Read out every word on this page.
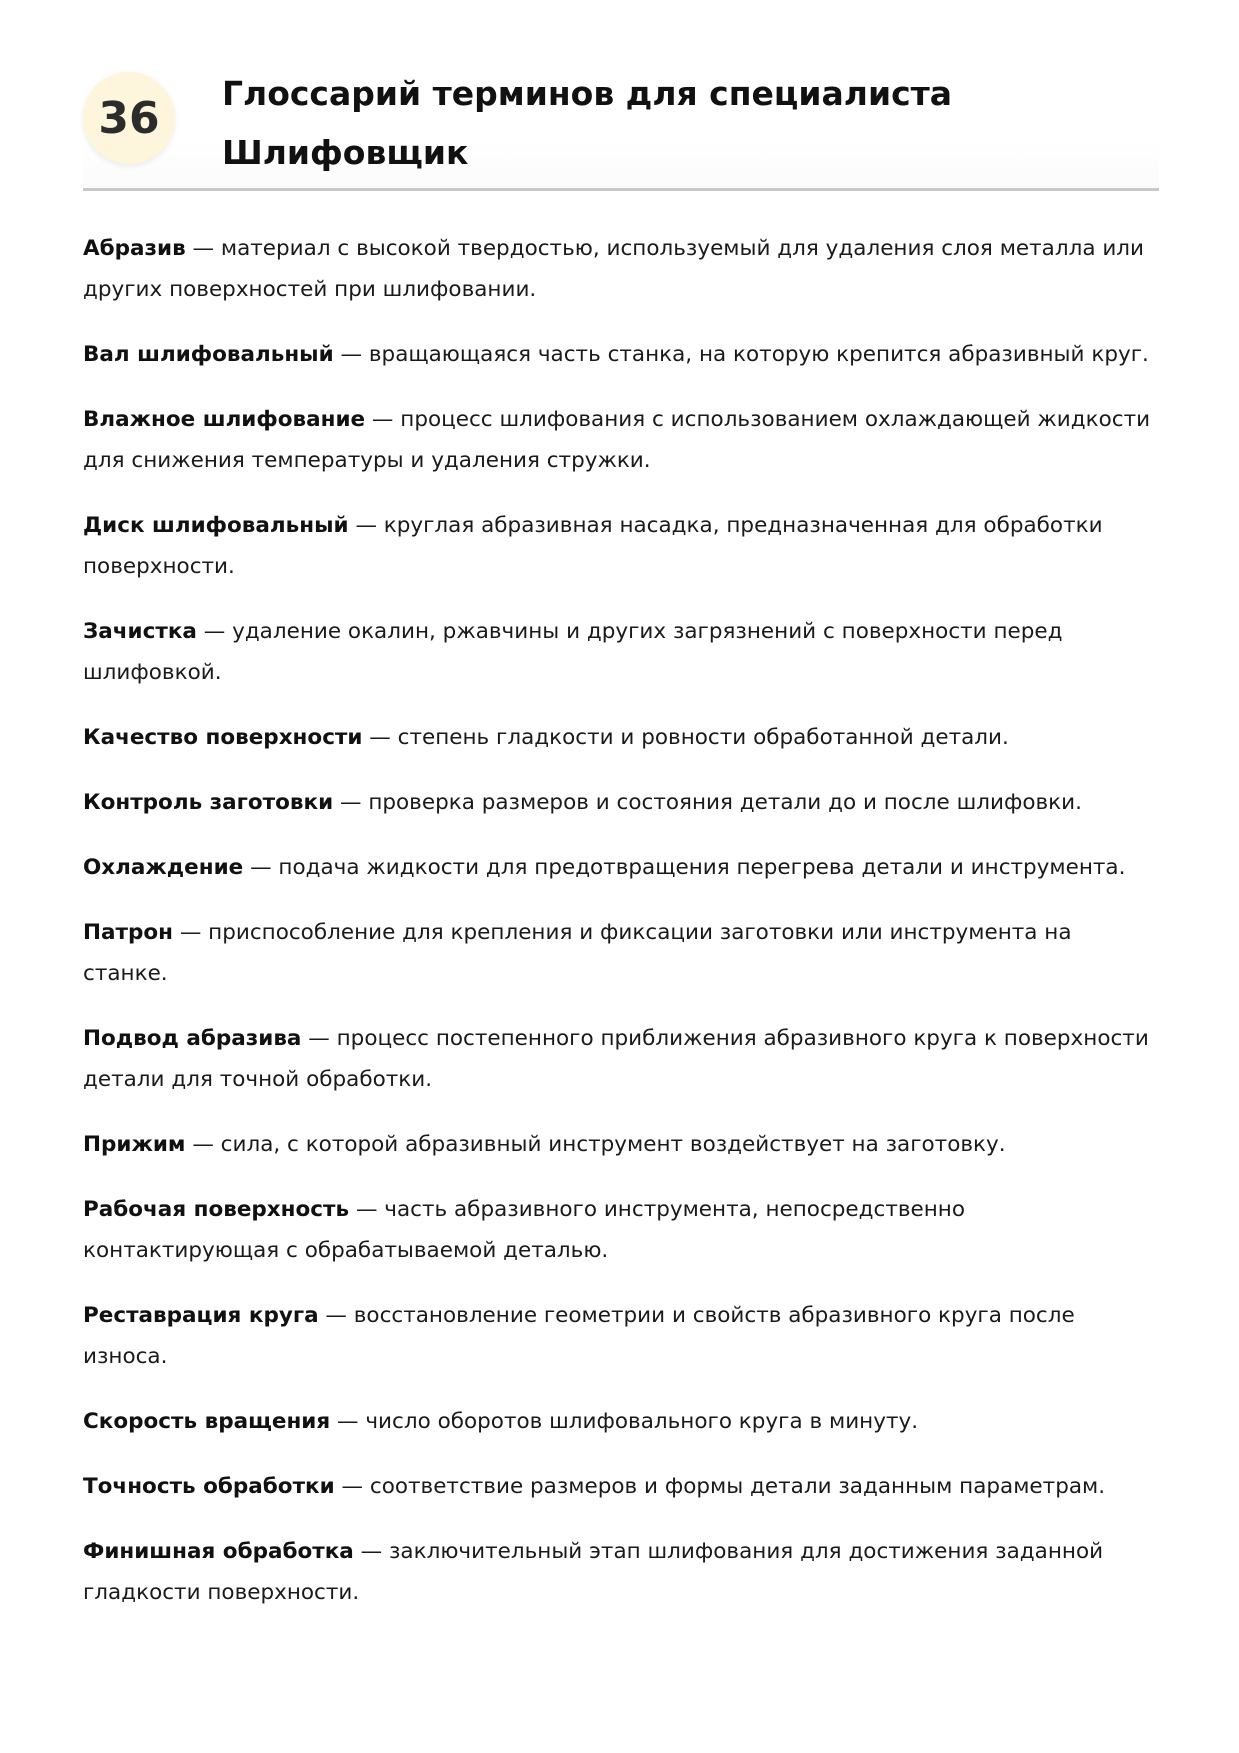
36	Глоссарий терминов для специалиста
Шлифовщик
Абразив — материал с высокой твердостью, используемый для удаления слоя металла или других поверхностей при шлифовании.
Вал шлифовальный — вращающаяся часть станка, на которую крепится абразивный круг.
Влажное шлифование — процесс шлифования с использованием охлаждающей жидкости для снижения температуры и удаления стружки.
Диск шлифовальный — круглая абразивная насадка, предназначенная для обработки поверхности.
Зачистка — удаление окалин, ржавчины и других загрязнений с поверхности перед шлифовкой.
Качество поверхности — степень гладкости и ровности обработанной детали.
Контроль заготовки — проверка размеров и состояния детали до и после шлифовки.
Охлаждение — подача жидкости для предотвращения перегрева детали и инструмента.
Патрон — приспособление для крепления и фиксации заготовки или инструмента на станке.
Подвод абразива — процесс постепенного приближения абразивного круга к поверхности детали для точной обработки.
Прижим — сила, с которой абразивный инструмент воздействует на заготовку.
Рабочая поверхность — часть абразивного инструмента, непосредственно контактирующая с обрабатываемой деталью.
Реставрация круга — восстановление геометрии и свойств абразивного круга после износа.
Скорость вращения — число оборотов шлифовального круга в минуту.
Точность обработки — соответствие размеров и формы детали заданным параметрам.
Финишная обработка — заключительный этап шлифования для достижения заданной гладкости поверхности.
